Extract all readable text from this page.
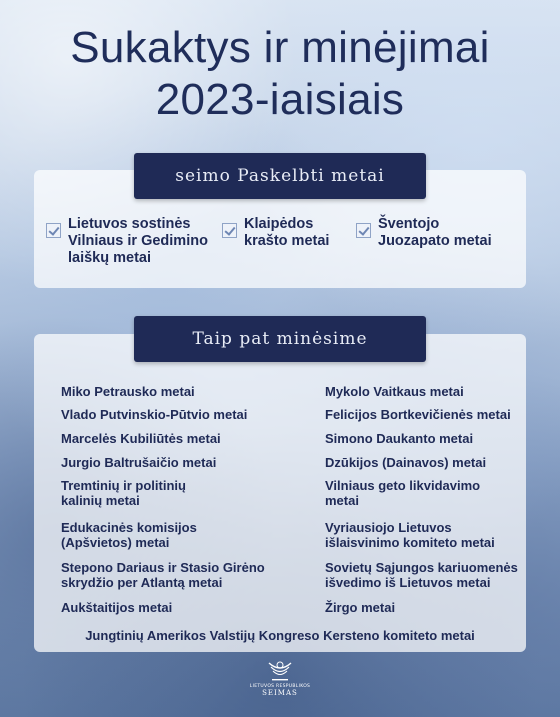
Sukaktys ir minėjimai
2023-iaisiais
seimo Paskelbti metai
Lietuvos sostinės
Vilniaus ir Gedimino
laiškų metai
Klaipėdos
krašto metai
Šventojo
Juozapato metai
Taip pat minėsime
Miko Petrausko metai
Vlado Putvinskio-Pūtvio metai
Marcelės Kubiliūtės metai
Jurgio Baltrušaičio metai
Tremtinių ir politinių
kalinių metai
Edukacinės komisijos
(Apšvietos) metai
Stepono Dariaus ir Stasio Girėno
skrydžio per Atlantą metai
Aukštaitijos metai
Mykolo Vaitkaus metai
Felicijos Bortkevičienės metai
Simono Daukanto metai
Dzūkijos (Dainavos) metai
Vilniaus geto likvidavimo
metai
Vyriausiojo Lietuvos
išlaisvinimo komiteto metai
Sovietų Sąjungos kariuomenės
išvedimo iš Lietuvos metai
Žirgo metai
Jungtinių Amerikos Valstijų Kongreso Kersteno komiteto metai
LIETUVOS RESPUBLIKOS
SEIMAS
